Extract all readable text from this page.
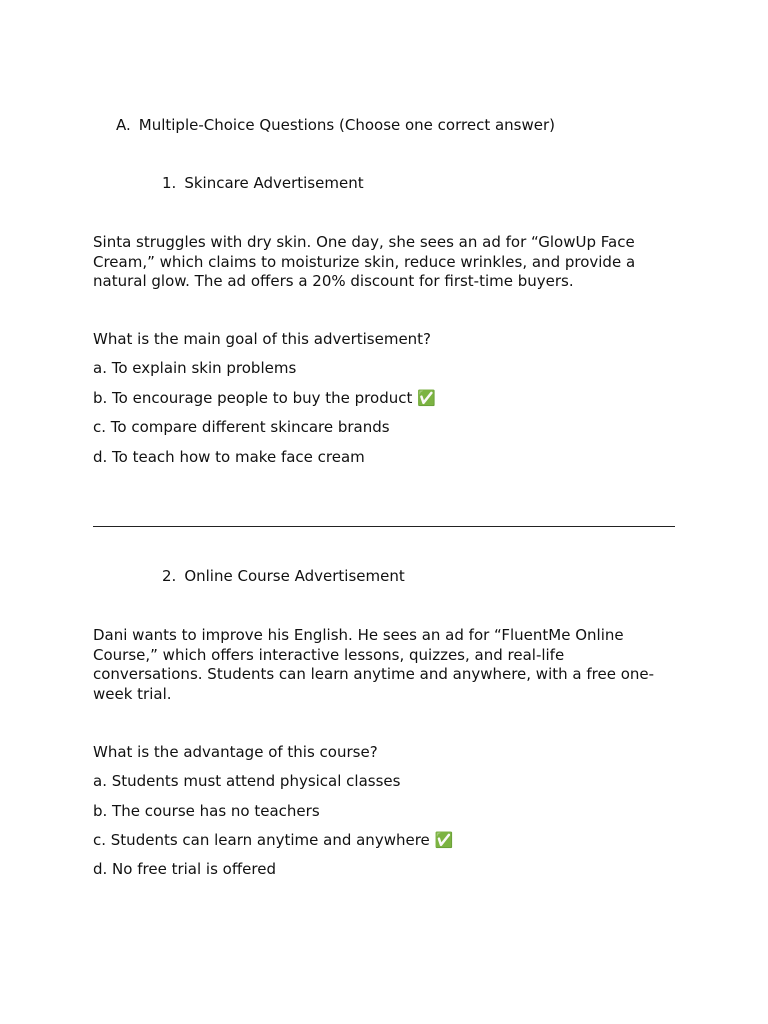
A. Multiple-Choice Questions (Choose one correct answer)
1. Skincare Advertisement
Sinta struggles with dry skin. One day, she sees an ad for “GlowUp Face Cream,” which claims to moisturize skin, reduce wrinkles, and provide a natural glow. The ad offers a 20% discount for first-time buyers.
What is the main goal of this advertisement?
a. To explain skin problems
b. To encourage people to buy the product ✅
c. To compare different skincare brands
d. To teach how to make face cream
2. Online Course Advertisement
Dani wants to improve his English. He sees an ad for “FluentMe Online Course,” which offers interactive lessons, quizzes, and real-life conversations. Students can learn anytime and anywhere, with a free one-week trial.
What is the advantage of this course?
a. Students must attend physical classes
b. The course has no teachers
c. Students can learn anytime and anywhere ✅
d. No free trial is offered
